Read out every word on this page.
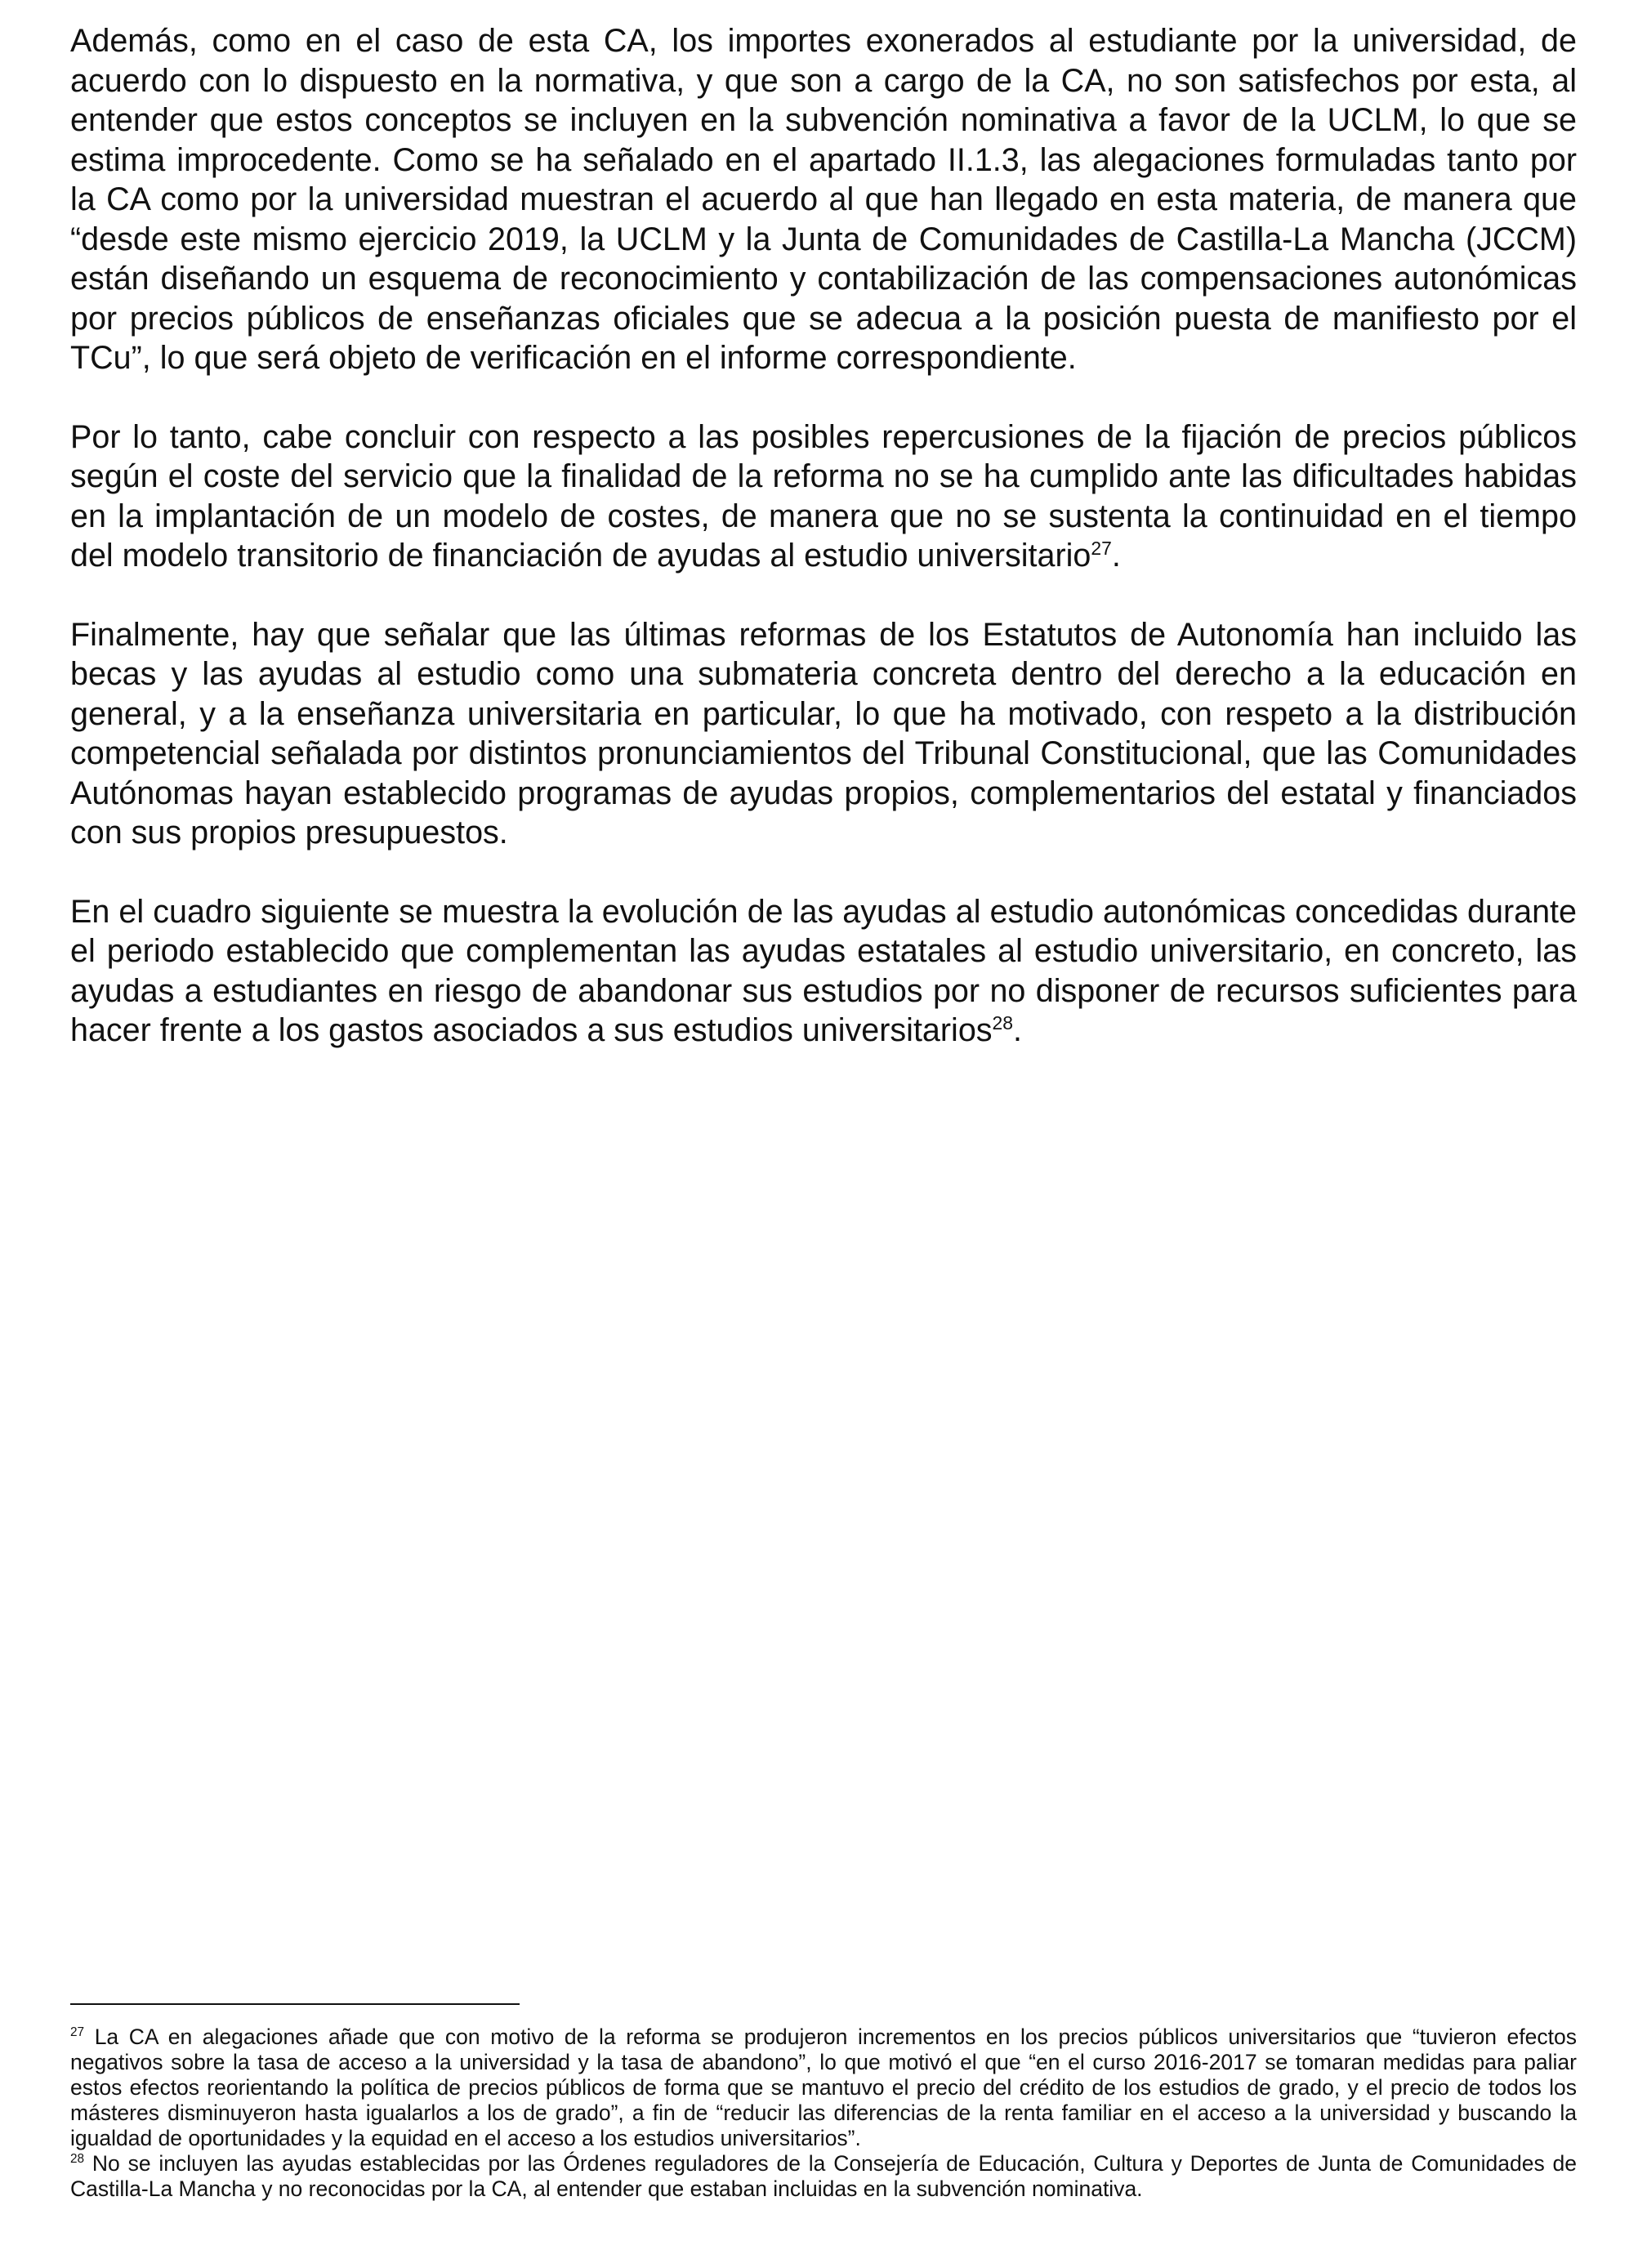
Además, como en el caso de esta CA, los importes exonerados al estudiante por la universidad, de acuerdo con lo dispuesto en la normativa, y que son a cargo de la CA, no son satisfechos por esta, al entender que estos conceptos se incluyen en la subvención nominativa a favor de la UCLM, lo que se estima improcedente. Como se ha señalado en el apartado II.1.3, las alegaciones formuladas tanto por la CA como por la universidad muestran el acuerdo al que han llegado en esta materia, de manera que “desde este mismo ejercicio 2019, la UCLM y la Junta de Comunidades de Castilla-La Mancha (JCCM) están diseñando un esquema de reconocimiento y contabilización de las compensaciones autonómicas por precios públicos de enseñanzas oficiales que se adecua a la posición puesta de manifiesto por el TCu”, lo que será objeto de verificación en el informe correspondiente.

Por lo tanto, cabe concluir con respecto a las posibles repercusiones de la fijación de precios públicos según el coste del servicio que la finalidad de la reforma no se ha cumplido ante las dificultades habidas en la implantación de un modelo de costes, de manera que no se sustenta la continuidad en el tiempo del modelo transitorio de financiación de ayudas al estudio universitario$^{27}$.

Finalmente, hay que señalar que las últimas reformas de los Estatutos de Autonomía han incluido las becas y las ayudas al estudio como una submateria concreta dentro del derecho a la educación en general, y a la enseñanza universitaria en particular, lo que ha motivado, con respeto a la distribución competencial señalada por distintos pronunciamientos del Tribunal Constitucional, que las Comunidades Autónomas hayan establecido programas de ayudas propios, complementarios del estatal y financiados con sus propios presupuestos.

En el cuadro siguiente se muestra la evolución de las ayudas al estudio autonómicas concedidas durante el periodo establecido que complementan las ayudas estatales al estudio universitario, en concreto, las ayudas a estudiantes en riesgo de abandonar sus estudios por no disponer de recursos suficientes para hacer frente a los gastos asociados a sus estudios universitarios$^{28}$.

$^{27}$ La CA en alegaciones añade que con motivo de la reforma se produjeron incrementos en los precios públicos universitarios que “tuvieron efectos negativos sobre la tasa de acceso a la universidad y la tasa de abandono”, lo que motivó el que “en el curso 2016-2017 se tomaran medidas para paliar estos efectos reorientando la política de precios públicos de forma que se mantuvo el precio del crédito de los estudios de grado, y el precio de todos los másteres disminuyeron hasta igualarlos a los de grado”, a fin de “reducir las diferencias de la renta familiar en el acceso a la universidad y buscando la igualdad de oportunidades y la equidad en el acceso a los estudios universitarios”.

$^{28}$ No se incluyen las ayudas establecidas por las Órdenes reguladores de la Consejería de Educación, Cultura y Deportes de Junta de Comunidades de Castilla-La Mancha y no reconocidas por la CA, al entender que estaban incluidas en la subvención nominativa.
